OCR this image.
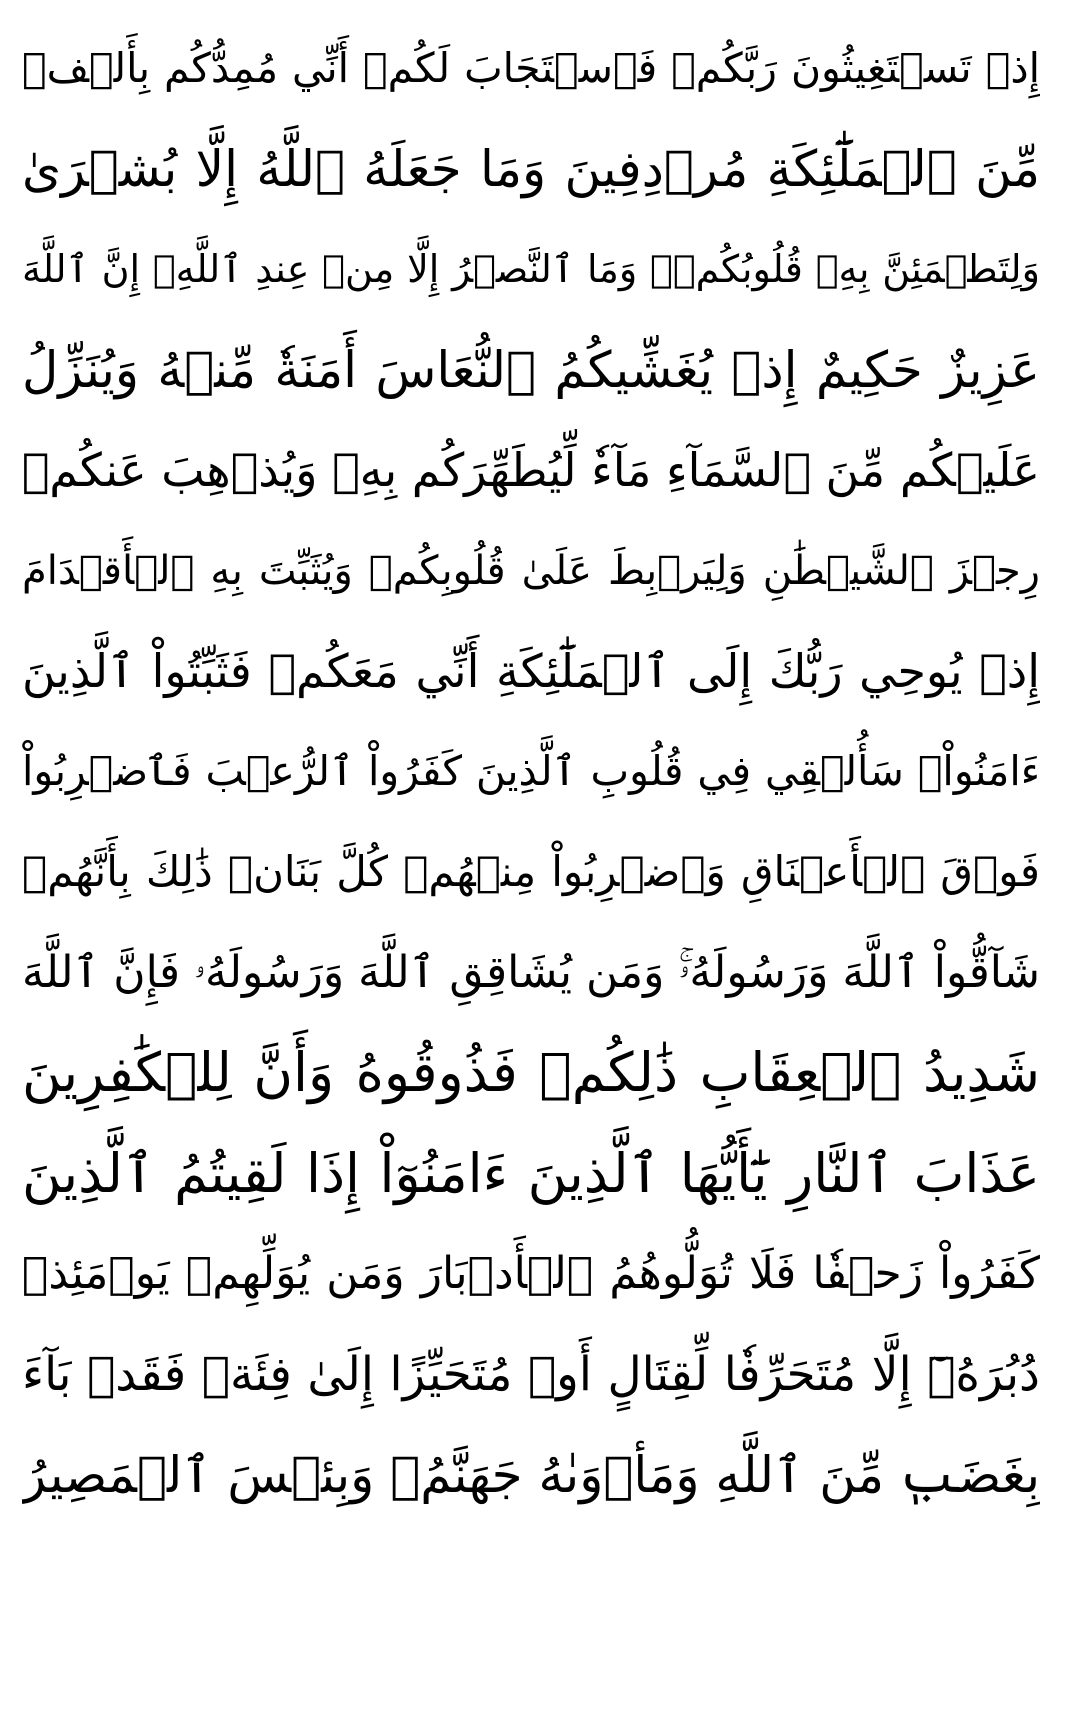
إِذۡ تَسۡتَغِيثُونَ رَبَّكُمۡ فَٱسۡتَجَابَ لَكُمۡ أَنِّي مُمِدُّكُم بِأَلۡفٖ
مِّنَ ٱلۡمَلَٰٓئِكَةِ مُرۡدِفِينَ وَمَا جَعَلَهُ ٱللَّهُ إِلَّا بُشۡرَىٰ
وَلِتَطۡمَئِنَّ بِهِۦ قُلُوبُكُمۡۚ وَمَا ٱلنَّصۡرُ إِلَّا مِنۡ عِندِ ٱللَّهِۚ إِنَّ ٱللَّهَ
عَزِيزٌ حَكِيمٌ إِذۡ يُغَشِّيكُمُ ٱلنُّعَاسَ أَمَنَةٗ مِّنۡهُ وَيُنَزِّلُ
عَلَيۡكُم مِّنَ ٱلسَّمَآءِ مَآءٗ لِّيُطَهِّرَكُم بِهِۦ وَيُذۡهِبَ عَنكُمۡ
رِجۡزَ ٱلشَّيۡطَٰنِ وَلِيَرۡبِطَ عَلَىٰ قُلُوبِكُمۡ وَيُثَبِّتَ بِهِ ٱلۡأَقۡدَامَ
إِذۡ يُوحِي رَبُّكَ إِلَى ٱلۡمَلَٰٓئِكَةِ أَنِّي مَعَكُمۡ فَثَبِّتُواْ ٱلَّذِينَ
ءَامَنُواْۚ سَأُلۡقِي فِي قُلُوبِ ٱلَّذِينَ كَفَرُواْ ٱلرُّعۡبَ فَٱضۡرِبُواْ
فَوۡقَ ٱلۡأَعۡنَاقِ وَٱضۡرِبُواْ مِنۡهُمۡ كُلَّ بَنَانٖ ذَٰلِكَ بِأَنَّهُمۡ
شَآقُّواْ ٱللَّهَ وَرَسُولَهُۥۚ وَمَن يُشَاقِقِ ٱللَّهَ وَرَسُولَهُۥ فَإِنَّ ٱللَّهَ
شَدِيدُ ٱلۡعِقَابِ ذَٰلِكُمۡ فَذُوقُوهُ وَأَنَّ لِلۡكَٰفِرِينَ
عَذَابَ ٱلنَّارِ يَٰٓأَيُّهَا ٱلَّذِينَ ءَامَنُوٓاْ إِذَا لَقِيتُمُ ٱلَّذِينَ
كَفَرُواْ زَحۡفٗا فَلَا تُوَلُّوهُمُ ٱلۡأَدۡبَارَ وَمَن يُوَلِّهِمۡ يَوۡمَئِذٖ
دُبُرَهُۥٓ إِلَّا مُتَحَرِّفٗا لِّقِتَالٍ أَوۡ مُتَحَيِّزًا إِلَىٰ فِئَةٖ فَقَدۡ بَآءَ
بِغَضَبٖ مِّنَ ٱللَّهِ وَمَأۡوَىٰهُ جَهَنَّمُۖ وَبِئۡسَ ٱلۡمَصِيرُ
